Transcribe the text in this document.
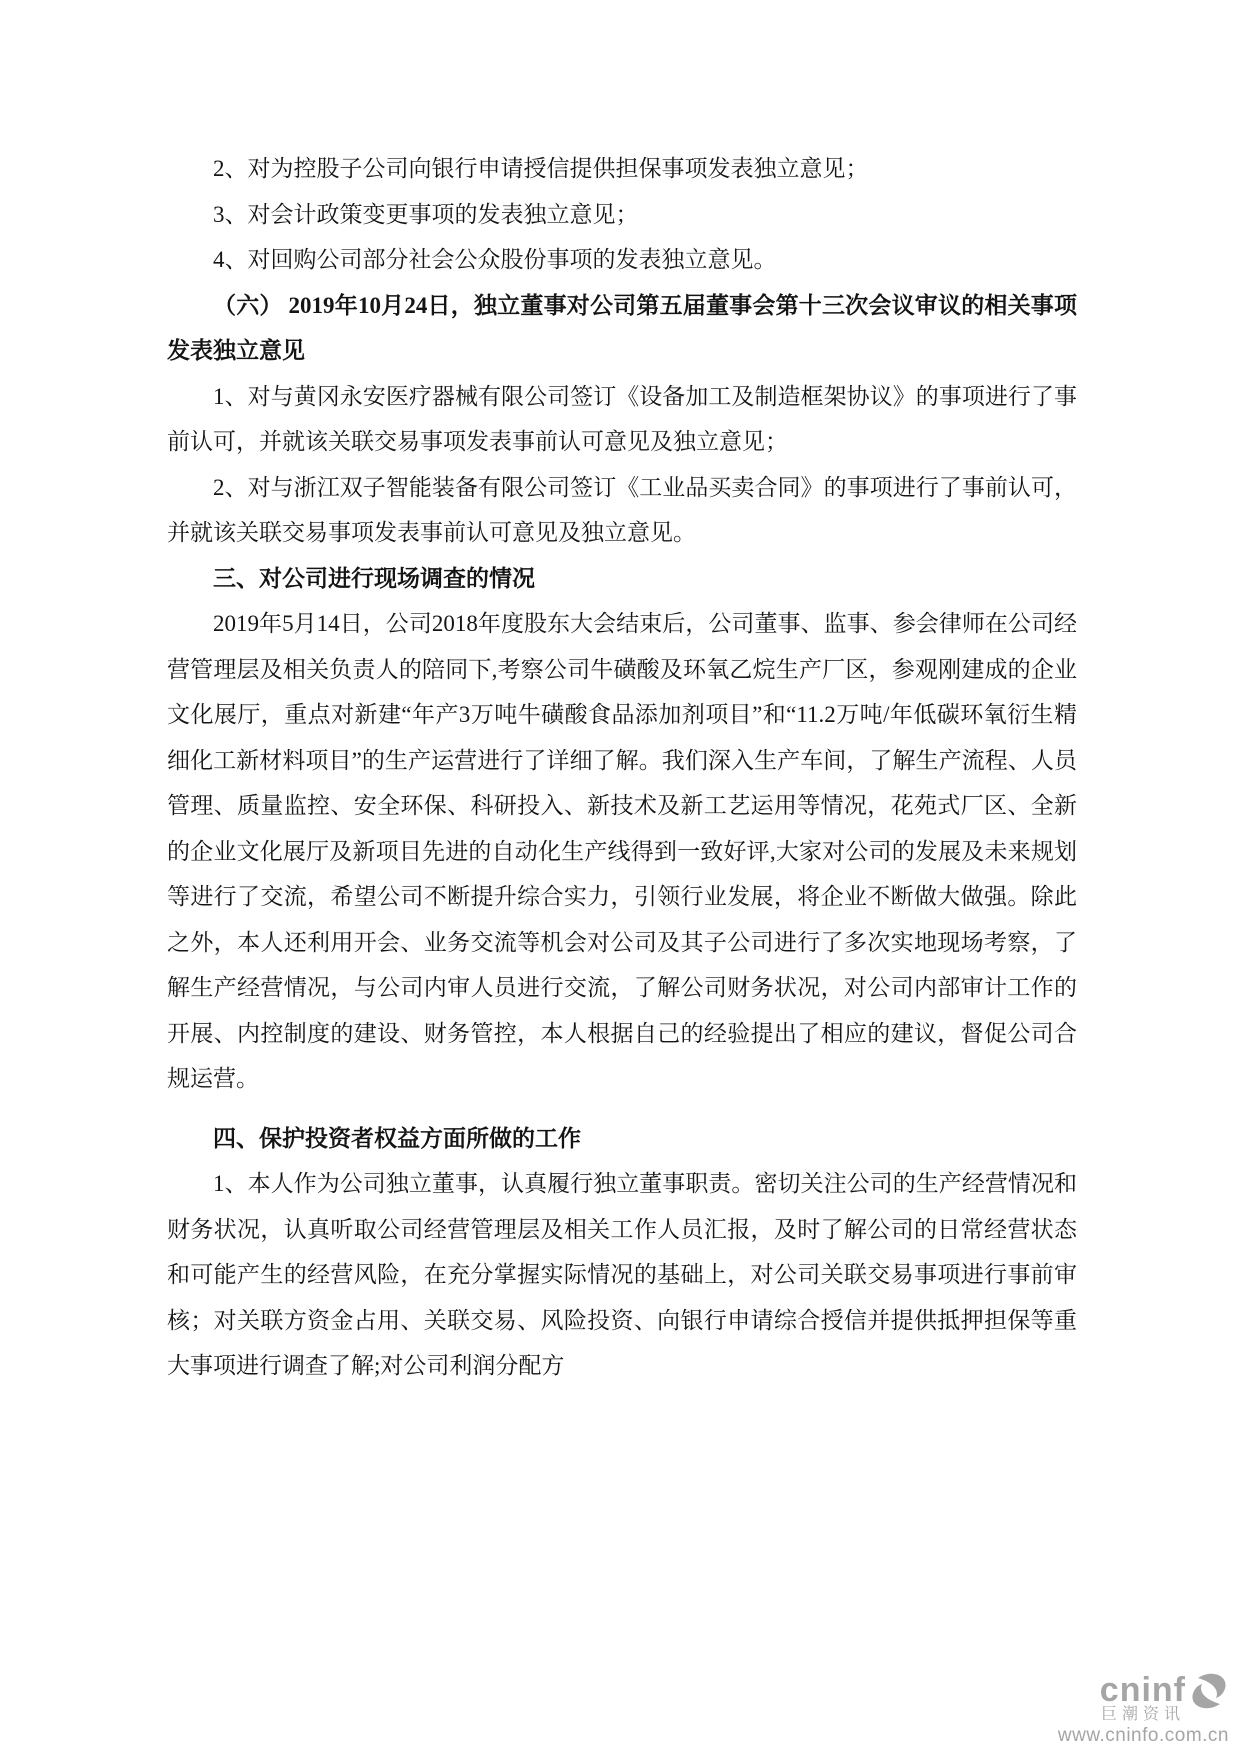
2、对为控股子公司向银行申请授信提供担保事项发表独立意见；

3、对会计政策变更事项的发表独立意见；

4、对回购公司部分社会公众股份事项的发表独立意见。

（六） 2019年10月24日，独立董事对公司第五届董事会第十三次会议审议的相关事项发表独立意见

1、对与黄冈永安医疗器械有限公司签订《设备加工及制造框架协议》的事项进行了事前认可，并就该关联交易事项发表事前认可意见及独立意见；

2、对与浙江双子智能装备有限公司签订《工业品买卖合同》的事项进行了事前认可，并就该关联交易事项发表事前认可意见及独立意见。

三、对公司进行现场调查的情况

2019年5月14日，公司2018年度股东大会结束后，公司董事、监事、参会律师在公司经营管理层及相关负责人的陪同下,考察公司牛磺酸及环氧乙烷生产厂区，参观刚建成的企业文化展厅，重点对新建“年产3万吨牛磺酸食品添加剂项目”和“11.2万吨/年低碳环氧衍生精细化工新材料项目”的生产运营进行了详细了解。我们深入生产车间，了解生产流程、人员管理、质量监控、安全环保、科研投入、新技术及新工艺运用等情况，花苑式厂区、全新的企业文化展厅及新项目先进的自动化生产线得到一致好评,大家对公司的发展及未来规划等进行了交流，希望公司不断提升综合实力，引领行业发展，将企业不断做大做强。除此之外，本人还利用开会、业务交流等机会对公司及其子公司进行了多次实地现场考察，了解生产经营情况，与公司内审人员进行交流，了解公司财务状况，对公司内部审计工作的开展、内控制度的建设、财务管控，本人根据自己的经验提出了相应的建议，督促公司合规运营。

四、保护投资者权益方面所做的工作

1、本人作为公司独立董事，认真履行独立董事职责。密切关注公司的生产经营情况和财务状况，认真听取公司经营管理层及相关工作人员汇报，及时了解公司的日常经营状态和可能产生的经营风险，在充分掌握实际情况的基础上，对公司关联交易事项进行事前审核；对关联方资金占用、关联交易、风险投资、向银行申请综合授信并提供抵押担保等重大事项进行调查了解;对公司利润分配方

cninf
巨潮资讯
www.cninfo.com.cn
